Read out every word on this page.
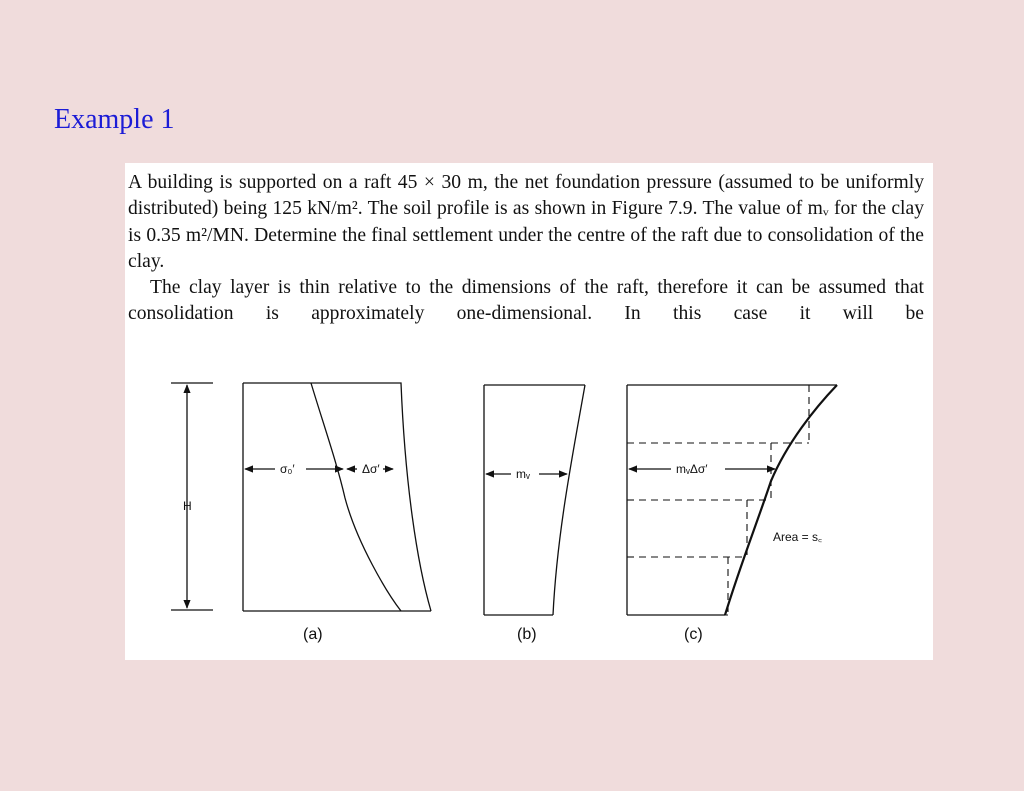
Example 1

A building is supported on a raft 45 × 30 m, the net foundation pressure (assumed to be uniformly distributed) being 125 kN/m². The soil profile is as shown in Figure 7.9. The value of mᵥ for the clay is 0.35 m²/MN. Determine the final settlement under the centre of the raft due to consolidation of the clay.

The clay layer is thin relative to the dimensions of the raft, therefore it can be assumed that consolidation is approximately one-dimensional. In this case it will be

H
σ₀′	Δσ′
(a)
mᵥ
(b)
mᵥΔσ′
Area = s꜀
(c)
